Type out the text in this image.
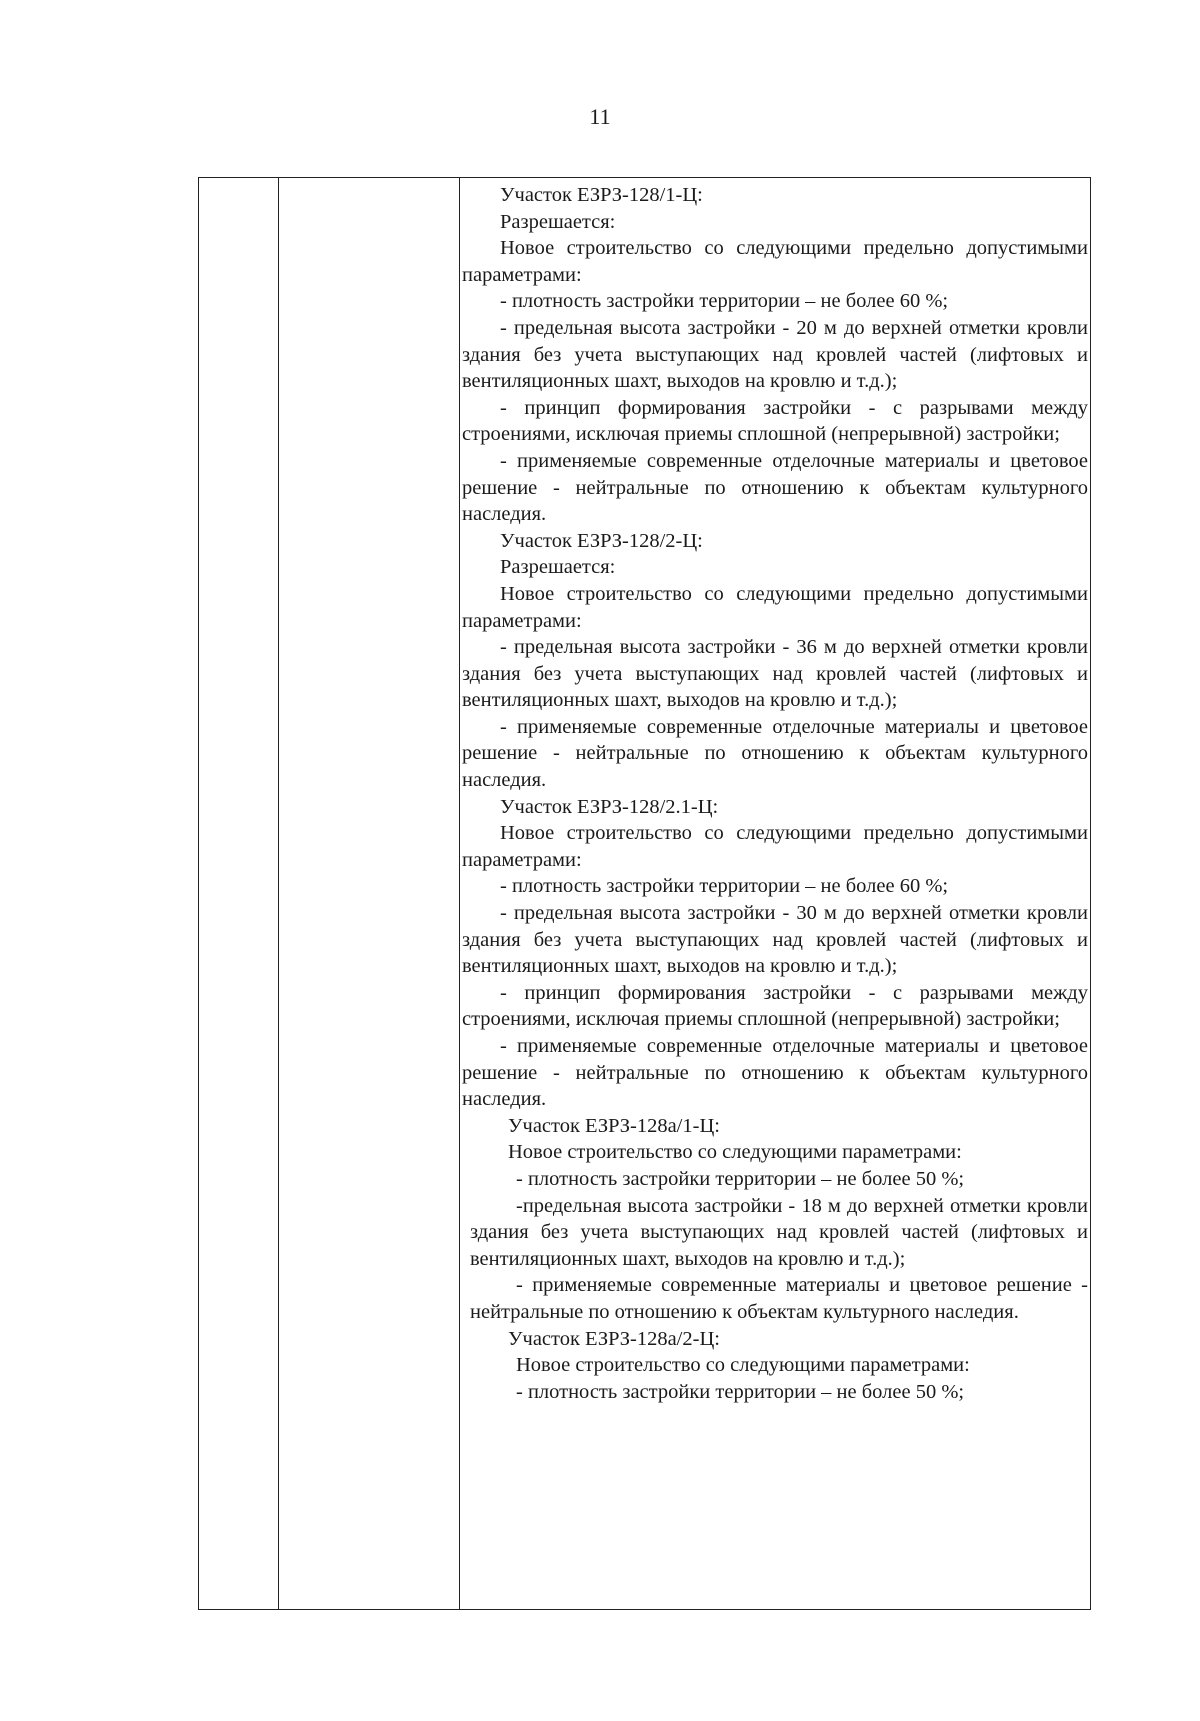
11

Участок ЕЗРЗ-128/1-Ц:

Разрешается:

Новое строительство со следующими предельно допустимыми параметрами:

- плотность застройки территории – не более 60 %;

- предельная высота застройки - 20 м до верхней отметки кровли здания без учета выступающих над кровлей частей (лифтовых и вентиляционных шахт, выходов на кровлю и т.д.);

- принцип формирования застройки - с разрывами между строениями, исключая приемы сплошной (непрерывной) застройки;

- применяемые современные отделочные материалы и цветовое решение - нейтральные по отношению к объектам культурного наследия.

Участок ЕЗРЗ-128/2-Ц:

Разрешается:

Новое строительство со следующими предельно допустимыми параметрами:

- предельная высота застройки - 36 м до верхней отметки кровли здания без учета выступающих над кровлей частей (лифтовых и вентиляционных шахт, выходов на кровлю и т.д.);

- применяемые современные отделочные материалы и цветовое решение - нейтральные по отношению к объектам культурного наследия.

Участок ЕЗРЗ-128/2.1-Ц:

Новое строительство со следующими предельно допустимыми параметрами:

- плотность застройки территории – не более 60 %;

- предельная высота застройки - 30 м до верхней отметки кровли здания без учета выступающих над кровлей частей (лифтовых и вентиляционных шахт, выходов на кровлю и т.д.);

- принцип формирования застройки - с разрывами между строениями, исключая приемы сплошной (непрерывной) застройки;

- применяемые современные отделочные материалы и цветовое решение - нейтральные по отношению к объектам культурного наследия.

Участок ЕЗРЗ-128а/1-Ц:

Новое строительство со следующими параметрами:

- плотность застройки территории – не более 50 %;

-предельная высота застройки - 18 м до верхней отметки кровли здания без учета выступающих над кровлей частей (лифтовых и вентиляционных шахт, выходов на кровлю и т.д.);

- применяемые современные материалы и цветовое решение - нейтральные по отношению к объектам культурного наследия.

Участок ЕЗРЗ-128а/2-Ц:

Новое строительство со следующими параметрами:

- плотность застройки территории – не более 50 %;
